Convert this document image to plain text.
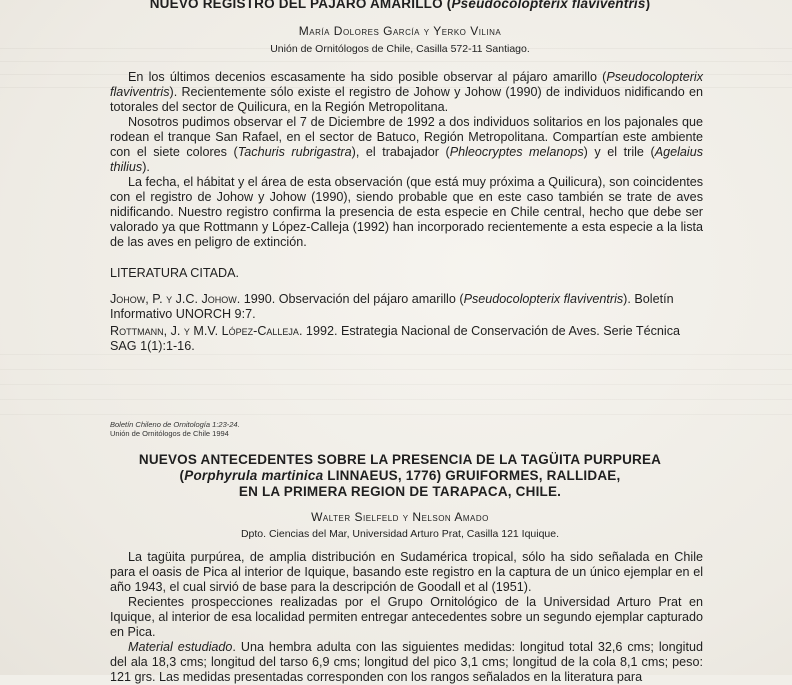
NUEVO REGISTRO DEL PAJARO AMARILLO (Pseudocolopterix flaviventris)
María Dolores García y Yerko Vilina
Unión de Ornitólogos de Chile, Casilla 572-11 Santiago.

En los últimos decenios escasamente ha sido posible observar al pájaro amarillo (Pseudocolopterix flaviventris). Recientemente sólo existe el registro de Johow y Johow (1990) de individuos nidificando en totorales del sector de Quilicura, en la Región Metropolitana.

Nosotros pudimos observar el 7 de Diciembre de 1992 a dos individuos solitarios en los pajonales que rodean el tranque San Rafael, en el sector de Batuco, Región Metropolitana. Compartían este ambiente con el siete colores (Tachuris rubrigastra), el trabajador (Phleocryptes melanops) y el trile (Agelaius thilius).

La fecha, el hábitat y el área de esta observación (que está muy próxima a Quilicura), son coincidentes con el registro de Johow y Johow (1990), siendo probable que en este caso también se trate de aves nidificando. Nuestro registro confirma la presencia de esta especie en Chile central, hecho que debe ser valorado ya que Rottmann y López-Calleja (1992) han incorporado recientemente a esta especie a la lista de las aves en peligro de extinción.

LITERATURA CITADA.

Johow, P. y J.C. Johow. 1990. Observación del pájaro amarillo (Pseudocolopterix flaviventris). Boletín Informativo UNORCH 9:7.

Rottmann, J. y M.V. López-Calleja. 1992. Estrategia Nacional de Conservación de Aves. Serie Técnica SAG 1(1):1-16.

Boletín Chileno de Ornitología 1:23-24.
Unión de Ornitólogos de Chile 1994
NUEVOS ANTECEDENTES SOBRE LA PRESENCIA DE LA TAGÜITA PURPUREA
(Porphyrula martinica LINNAEUS, 1776) GRUIFORMES, RALLIDAE,
EN LA PRIMERA REGION DE TARAPACA, CHILE.
Walter Sielfeld y Nelson Amado
Dpto. Ciencias del Mar, Universidad Arturo Prat, Casilla 121 Iquique.

La tagüita purpúrea, de amplia distribución en Sudamérica tropical, sólo ha sido señalada en Chile para el oasis de Pica al interior de Iquique, basando este registro en la captura de un único ejemplar en el año 1943, el cual sirvió de base para la descripción de Goodall et al (1951).

Recientes prospecciones realizadas por el Grupo Ornitológico de la Universidad Arturo Prat en Iquique, al interior de esa localidad permiten entregar antecedentes sobre un segundo ejemplar capturado en Pica.

Material estudiado. Una hembra adulta con las siguientes medidas: longitud total 32,6 cms; longitud del ala 18,3 cms; longitud del tarso 6,9 cms; longitud del pico 3,1 cms; longitud de la cola 8,1 cms; peso: 121 grs. Las medidas presentadas corresponden con los rangos señalados en la literatura para
